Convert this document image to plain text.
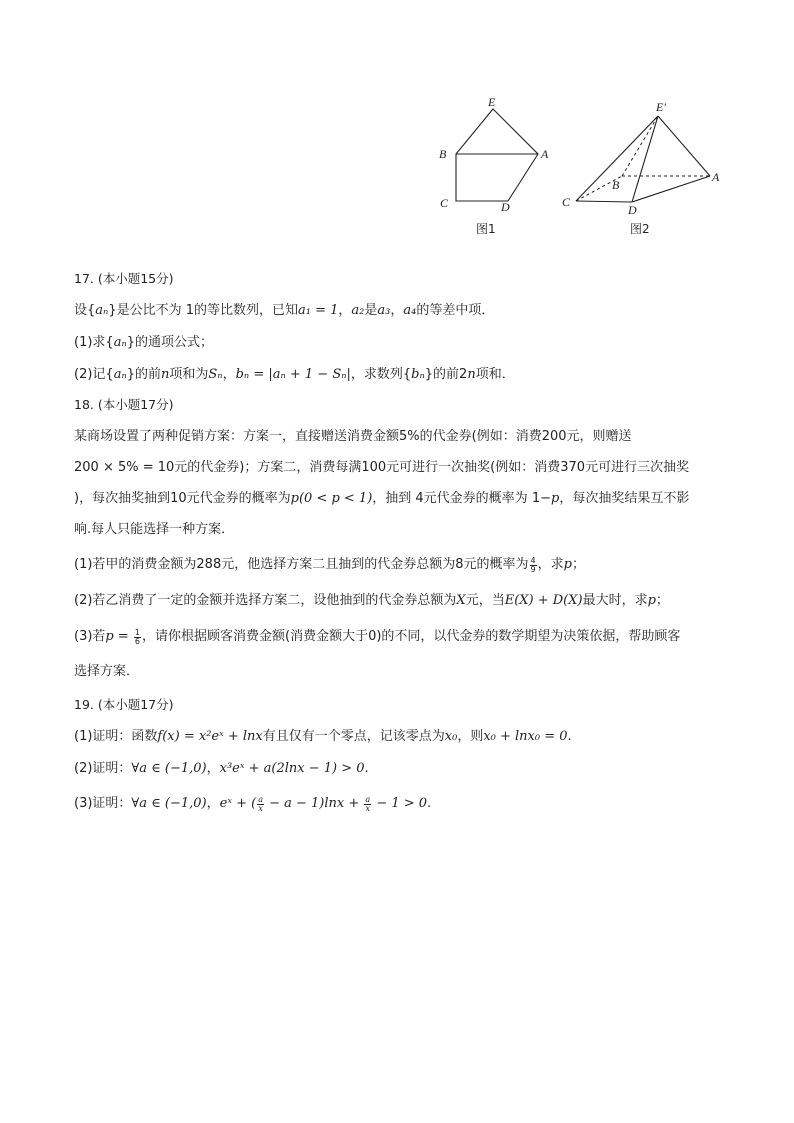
E
B	A
C	D
图1
E′
B
A
C
D
图2
17. (本小题15分)
设{aₙ}是公比不为 1的等比数列，已知a₁ = 1，a₂是a₃，a₄的等差中项．
(1)求{aₙ}的通项公式；
(2)记{aₙ}的前n项和为Sₙ，bₙ = |aₙ + 1 − Sₙ|，求数列{bₙ}的前2n项和．
18. (本小题17分)
某商场设置了两种促销方案：方案一，直接赠送消费金额5%的代金券(例如：消费200元，则赠送
200 × 5% = 10元的代金券)；方案二，消费每满100元可进行一次抽奖(例如：消费370元可进行三次抽奖
)，每次抽奖抽到10元代金券的概率为p(0 < p < 1)，抽到 4元代金券的概率为 1−p，每次抽奖结果互不影
响.每人只能选择一种方案．
(1)若甲的消费金额为288元，他选择方案二且抽到的代金券总额为8元的概率为 $\frac{4}{9}$ ，求p；
(2)若乙消费了一定的金额并选择方案二，设他抽到的代金券总额为X元，当E(X) + D(X)最大时，求p；
(3)若$p = \frac{1}{6}$ ，请你根据顾客消费金额(消费金额大于0)的不同，以代金券的数学期望为决策依据，帮助顾客
选择方案．
19. (本小题17分)
(1)证明：函数f(x) = x²eˣ + lnx有且仅有一个零点，记该零点为x₀，则x₀ + lnx₀ = 0.
(2)证明：∀a ∈ (−1,0)，x³eˣ + a(2lnx − 1) > 0.
(3)证明：∀a ∈ (−1,0)，eˣ + ( $\frac{a}{x} - a - 1)\ln x + \frac{a}{x} - 1 > 0$.
